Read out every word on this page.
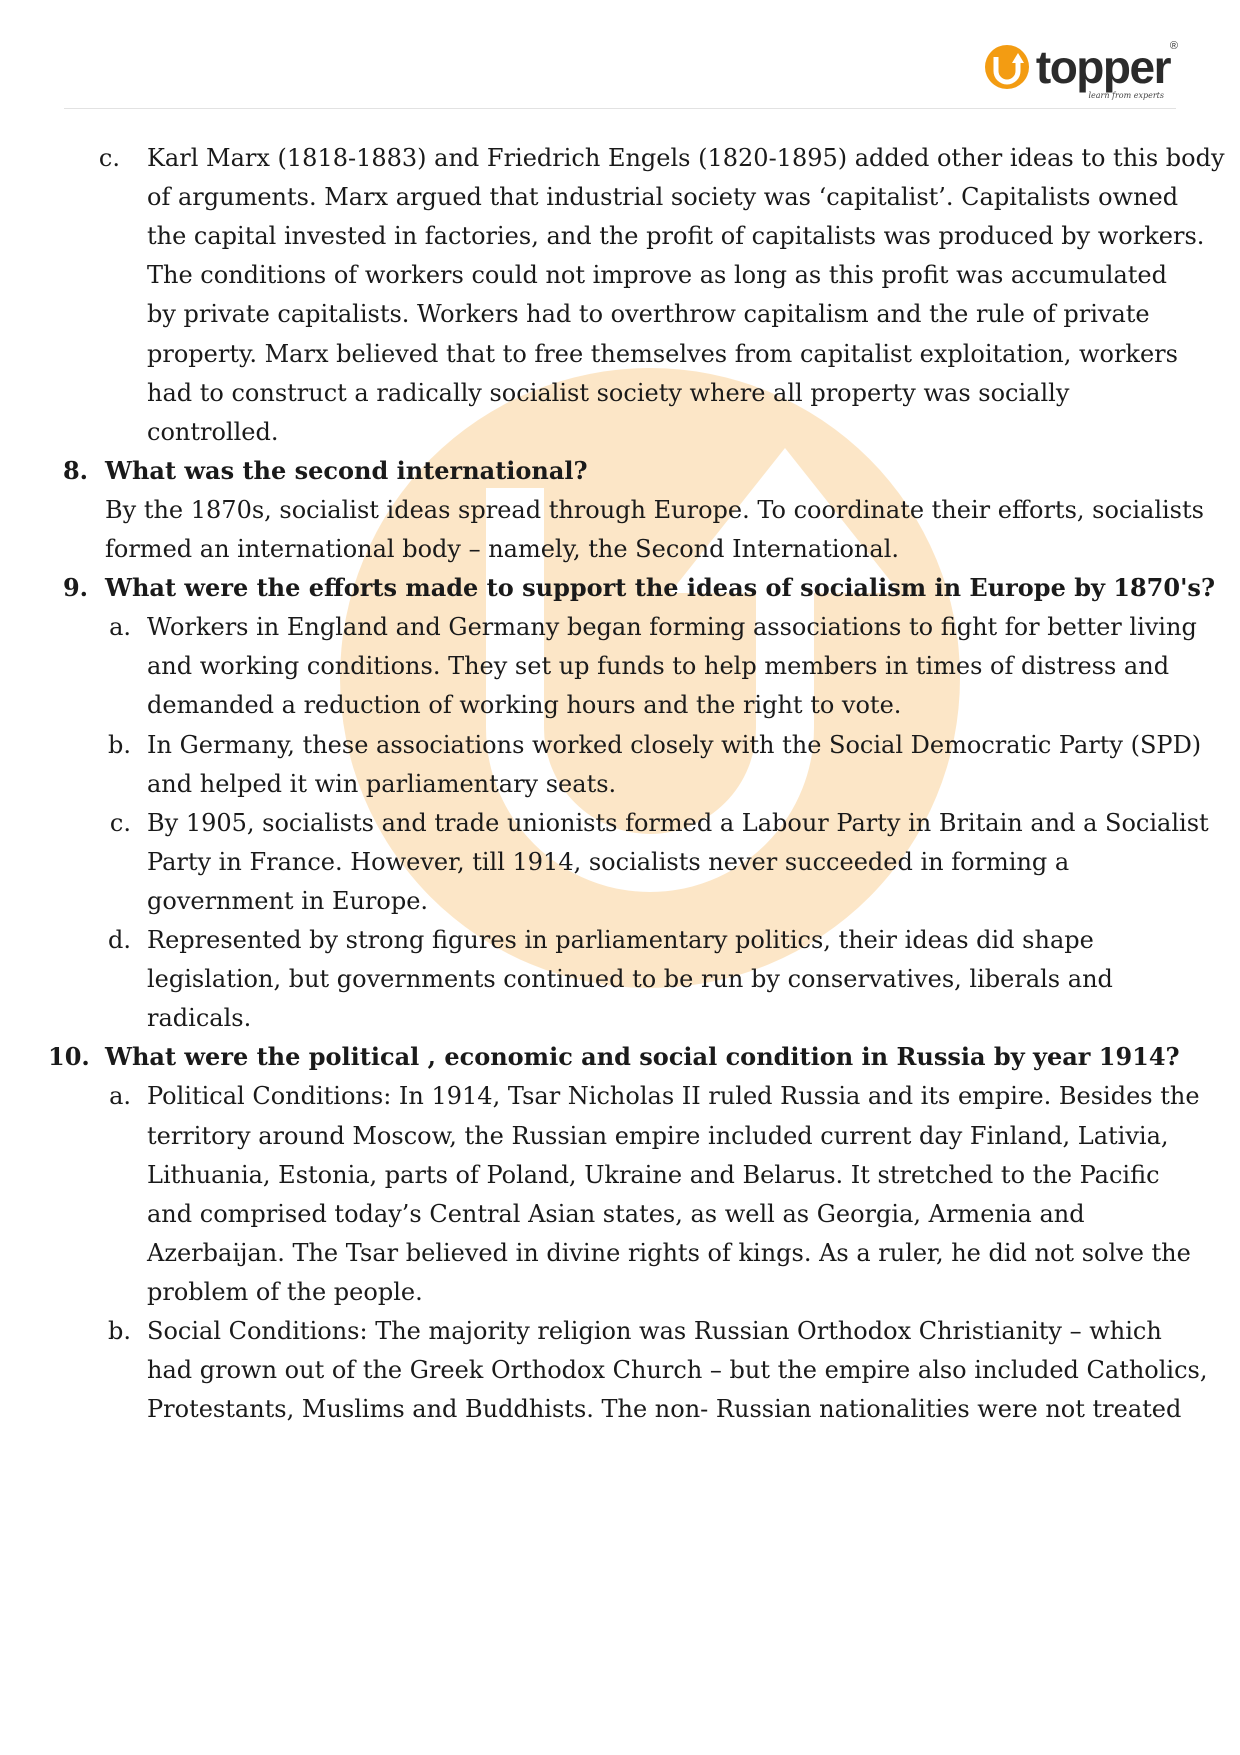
topper
learn from experts
®
c. Karl Marx (1818-1883) and Friedrich Engels (1820-1895) added other ideas to this body
of arguments. Marx argued that industrial society was ‘capitalist’. Capitalists owned
the capital invested in factories, and the profit of capitalists was produced by workers.
The conditions of workers could not improve as long as this profit was accumulated
by private capitalists. Workers had to overthrow capitalism and the rule of private
property. Marx believed that to free themselves from capitalist exploitation, workers
had to construct a radically socialist society where all property was socially
controlled.
8. What was the second international?
By the 1870s, socialist ideas spread through Europe. To coordinate their efforts, socialists
formed an international body – namely, the Second International.
9. What were the efforts made to support the ideas of socialism in Europe by 1870's?
a. Workers in England and Germany began forming associations to fight for better living
and working conditions. They set up funds to help members in times of distress and
demanded a reduction of working hours and the right to vote.
b. In Germany, these associations worked closely with the Social Democratic Party (SPD)
and helped it win parliamentary seats.
c. By 1905, socialists and trade unionists formed a Labour Party in Britain and a Socialist
Party in France. However, till 1914, socialists never succeeded in forming a
government in Europe.
d. Represented by strong figures in parliamentary politics, their ideas did shape
legislation, but governments continued to be run by conservatives, liberals and
radicals.
10. What were the political , economic and social condition in Russia by year 1914?
a. Political Conditions: In 1914, Tsar Nicholas II ruled Russia and its empire. Besides the
territory around Moscow, the Russian empire included current day Finland, Lativia,
Lithuania, Estonia, parts of Poland, Ukraine and Belarus. It stretched to the Pacific
and comprised today’s Central Asian states, as well as Georgia, Armenia and
Azerbaijan. The Tsar believed in divine rights of kings. As a ruler, he did not solve the
problem of the people.
b. Social Conditions: The majority religion was Russian Orthodox Christianity – which
had grown out of the Greek Orthodox Church – but the empire also included Catholics,
Protestants, Muslims and Buddhists. The non- Russian nationalities were not treated
